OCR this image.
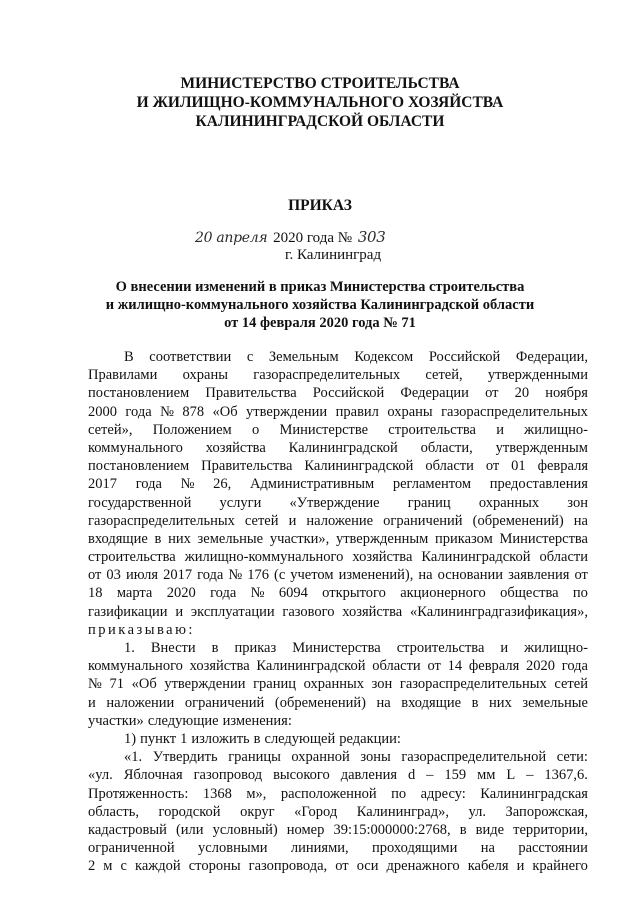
МИНИСТЕРСТВО СТРОИТЕЛЬСТВА
И ЖИЛИЩНО-КОММУНАЛЬНОГО ХОЗЯЙСТВА
КАЛИНИНГРАДСКОЙ ОБЛАСТИ
ПРИКАЗ
20 апреля 2020 года № 303
г. Калининград
О внесении изменений в приказ Министерства строительства
и жилищно-коммунального хозяйства Калининградской области
от 14 февраля 2020 года № 71
В соответствии с Земельным Кодексом Российской Федерации,
Правилами охраны газораспределительных сетей, утвержденными
постановлением Правительства Российской Федерации от 20 ноября
2000 года № 878 «Об утверждении правил охраны газораспределительных
сетей», Положением о Министерстве строительства и жилищно-
коммунального хозяйства Калининградской области, утвержденным
постановлением Правительства Калининградской области от 01 февраля
2017 года № 26, Административным регламентом предоставления
государственной услуги «Утверждение границ охранных зон
газораспределительных сетей и наложение ограничений (обременений) на
входящие в них земельные участки», утвержденным приказом Министерства
строительства жилищно-коммунального хозяйства Калининградской области
от 03 июля 2017 года № 176 (с учетом изменений), на основании заявления от
18 марта 2020 года № 6094 открытого акционерного общества по
газификации и эксплуатации газового хозяйства «Калининградгазификация»,
приказываю:
1. Внести в приказ Министерства строительства и жилищно-
коммунального хозяйства Калининградской области от 14 февраля 2020 года
№ 71 «Об утверждении границ охранных зон газораспределительных сетей
и наложении ограничений (обременений) на входящие в них земельные
участки» следующие изменения:
1) пункт 1 изложить в следующей редакции:
«1. Утвердить границы охранной зоны газораспределительной сети:
«ул. Яблочная газопровод высокого давления d – 159 мм L – 1367,6.
Протяженность: 1368 м», расположенной по адресу: Калининградская
область, городской округ «Город Калининград», ул. Запорожская,
кадастровый (или условный) номер 39:15:000000:2768, в виде территории,
ограниченной условными линиями, проходящими на расстоянии
2 м с каждой стороны газопровода, от оси дренажного кабеля и крайнего
